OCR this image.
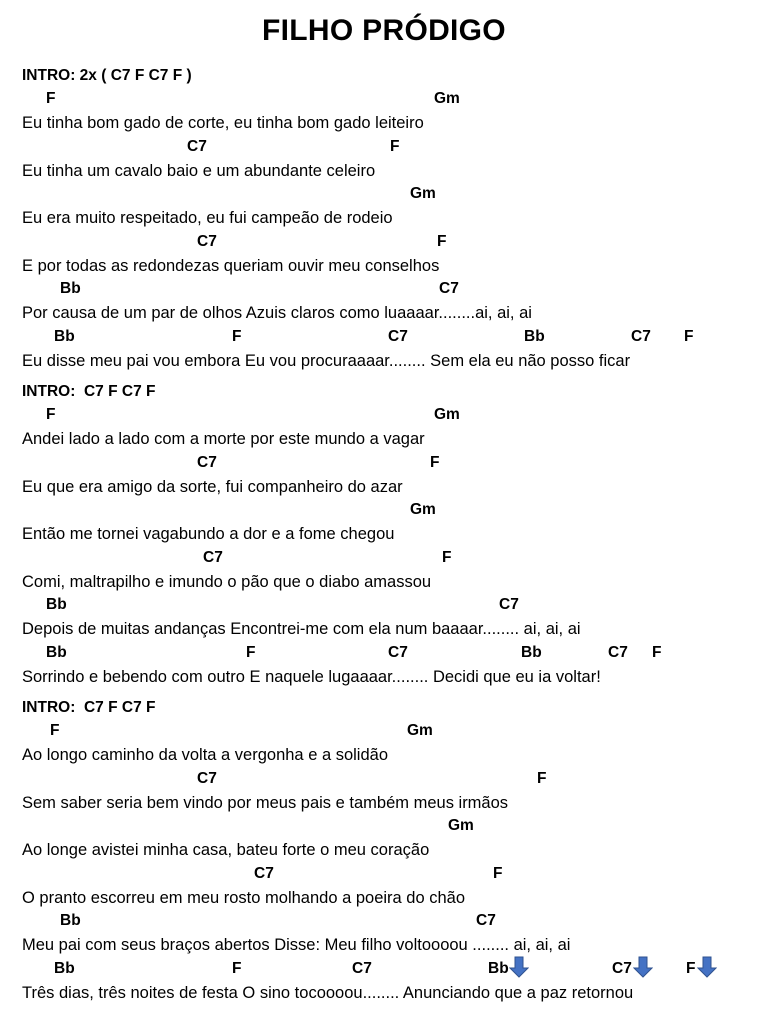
FILHO PRÓDIGO
INTRO: 2x ( C7 F C7 F )
F	Gm
Eu tinha bom gado de corte, eu tinha bom gado leiteiro
C7	F
Eu tinha um cavalo baio e um abundante celeiro
Gm
Eu era muito respeitado, eu fui campeão de rodeio
C7	F
E por todas as redondezas queriam ouvir meu conselhos
Bb	C7
Por causa de um par de olhos Azuis claros como luaaaar........ai, ai, ai
Bb	F	C7	Bb	C7 F
Eu disse meu pai vou embora Eu vou procuraaaar........ Sem ela eu não posso ficar
INTRO:  C7 F C7 F
F	Gm
Andei lado a lado com a morte por este mundo a vagar
C7	F
Eu que era amigo da sorte, fui companheiro do azar
Gm
Então me tornei vagabundo a dor e a fome chegou
C7	F
Comi, maltrapilho e imundo o pão que o diabo amassou
Bb	C7
Depois de muitas andanças Encontrei-me com ela num baaaar........ ai, ai, ai
Bb	F	C7	Bb	C7 F
Sorrindo e bebendo com outro E naquele lugaaaar........ Decidi que eu ia voltar!
INTRO:  C7 F C7 F
F	Gm
Ao longo caminho da volta a vergonha e a solidão
C7	F
Sem saber seria bem vindo por meus pais e também meus irmãos
Gm
Ao longe avistei minha casa, bateu forte o meu coração
C7	F
O pranto escorreu em meu rosto molhando a poeira do chão
Bb	C7
Meu pai com seus braços abertos Disse: Meu filho voltoooou ........ ai, ai, ai
Bb	F	C7	Bb	C7	F
Três dias, três noites de festa O sino tocoooou........ Anunciando que a paz retornou
